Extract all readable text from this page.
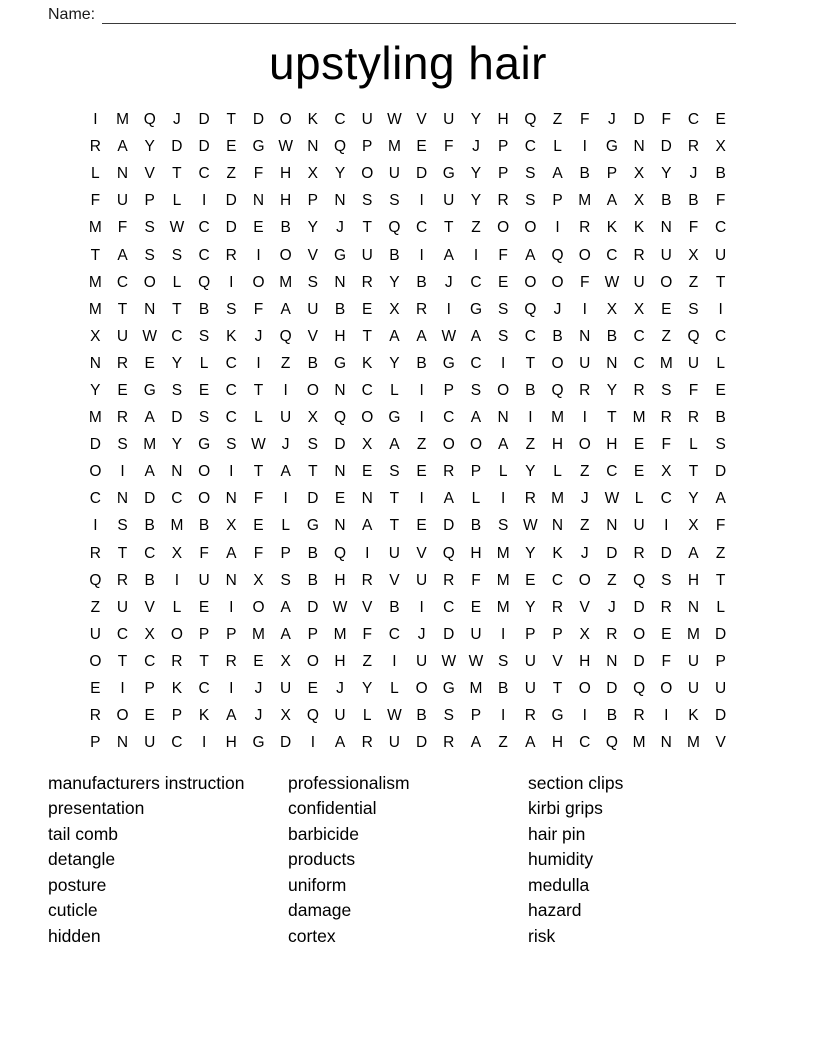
Name:
upstyling hair
I	M Q	J	D	T	D	O	K	C	U W V	U	Y	H	Q	Z	F	J	D	F	C	E
R	A	Y	D	D	E	G W N	Q	P	M	E	F	J	P	C	L	I	G	N	D	R	X
L	N	V	T	C	Z	F	H	X	Y	O	U	D	G	Y	P	S	A	B	P	X	Y	J	B
F	U	P	L	I	D	N	H	P	N	S	S	I	U	Y	R	S	P	M	A	X	B	B	F
M	F	S W C	D	E	B	Y	J	T	Q	C	T	Z	O O	I	R	K	K	N	F	C
T	A	S	S	C	R	I	O	V	G	U	B	I	A	I	F	A	Q O	C	R	U	X	U
M C	O	L	Q	I	O M	S	N	R	Y	B	J	C	E	O O	F W U	O	Z	T
M	T	N	T	B	S	F	A	U	B	E	X	R	I	G	S	Q	J	I	X	X	E	S	I
X	U W C	S	K	J	Q	V	H	T	A	A W A	S	C	B	N	B	C	Z	Q	C
N	R	E	Y	L	C	I	Z	B	G	K	Y	B	G	C	I	T	O	U	N	C M U	L
Y	E	G	S	E	C	T	I	O	N	C	L	I	P	S	O	B	Q	R	Y	R	S	F	E
M R	A	D	S	C	L	U	X	Q O G	I	C	A	N	I	M	I	T	M R	R	B
D	S	M	Y	G	S W	J	S	D	X	A	Z	O O	A	Z	H	O	H	E	F	L	S
O	I	A	N	O	I	T	A	T	N	E	S	E	R	P	L	Y	L	Z	C	E	X	T	D
C	N	D	C	O	N	F	I	D	E	N	T	I	A	L	I	R M	J	W	L	C	Y	A
I	S	B	M	B	X	E	L	G	N	A	T	E	D	B	S W N	Z	N	U	I	X	F
R	T	C	X	F	A	F	P	B	Q	I	U	V	Q	H M	Y	K	J	D	R	D	A	Z
Q	R	B	I	U	N	X	S	B	H	R	V	U	R	F	M	E	C	O	Z	Q	S	H	T
Z	U	V	L	E	I	O	A	D W V	B	I	C	E	M	Y	R	V	J	D	R	N	L
U	C	X	O	P	P	M	A	P	M	F	C	J	D	U	I	P	P	X	R	O	E	M D
O	T	C	R	T	R	E	X	O	H	Z	I	U W W S	U	V	H	N	D	F	U	P
E	I	P	K	C	I	J	U	E	J	Y	L	O G M	B	U	T	O	D	Q O	U	U
R	O	E	P	K	A	J	X	Q	U	L	W B	S	P	I	R	G	I	B	R	I	K	D
P	N	U	C	I	H	G	D	I	A	R	U	D	R	A	Z	A	H	C	Q M N M	V
manufacturers instruction
presentation
tail comb
detangle
posture
cuticle
hidden
professionalism
confidential
barbicide
products
uniform
damage
cortex
section clips
kirbi grips
hair pin
humidity
medulla
hazard
risk
